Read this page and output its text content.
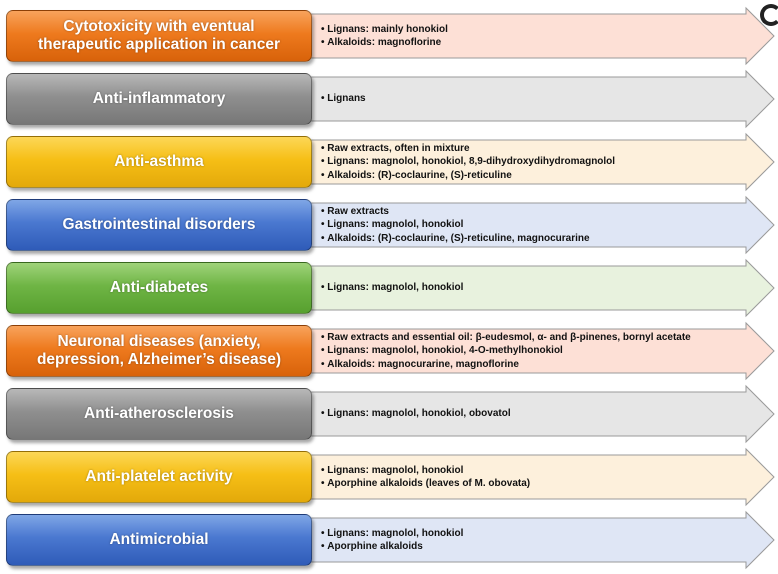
• Lignans: mainly honokiol
• Alkaloids: magnoflorine
Cytotoxicity with eventual
therapeutic application in cancer
• Lignans
Anti-inflammatory
• Raw extracts, often in mixture
• Lignans: magnolol, honokiol, 8,9-dihydroxydihydromagnolol
• Alkaloids: (R)-coclaurine, (S)-reticuline
Anti-asthma
• Raw extracts
• Lignans: magnolol, honokiol
• Alkaloids: (R)-coclaurine, (S)-reticuline, magnocurarine
Gastrointestinal disorders
• Lignans: magnolol, honokiol
Anti-diabetes
• Raw extracts and essential oil: β-eudesmol, α- and β-pinenes, bornyl acetate
• Lignans: magnolol, honokiol, 4-O-methylhonokiol
• Alkaloids: magnocurarine, magnoflorine
Neuronal diseases (anxiety,
depression, Alzheimer’s disease)
• Lignans: magnolol, honokiol, obovatol
Anti-atherosclerosis
• Lignans: magnolol, honokiol
• Aporphine alkaloids (leaves of M. obovata)
Anti-platelet activity
• Lignans: magnolol, honokiol
• Aporphine alkaloids
Antimicrobial
